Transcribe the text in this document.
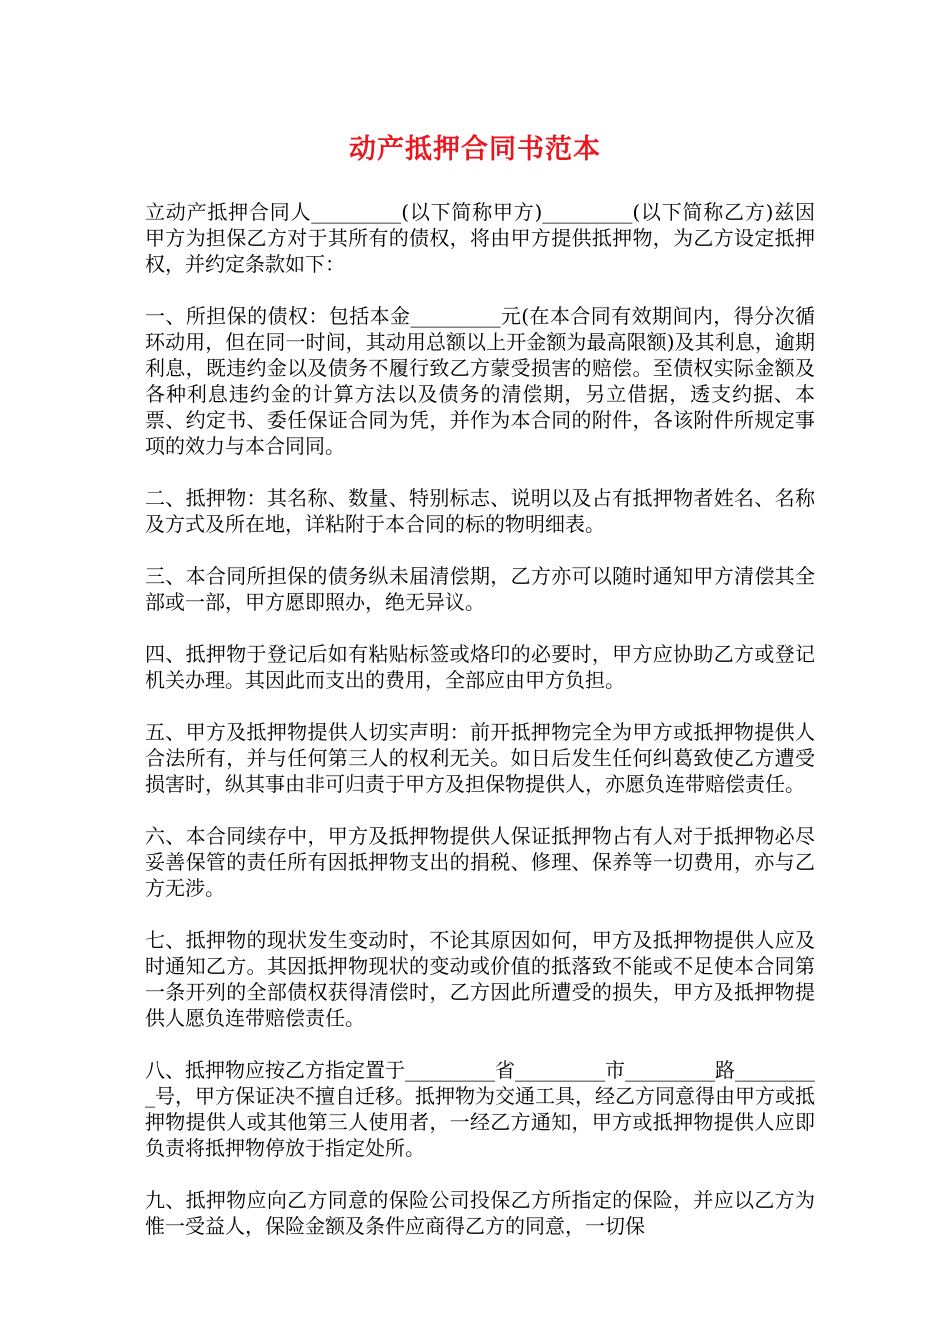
动产抵押合同书范本

立动产抵押合同人_________(以下简称甲方)_________(以下简称乙方)兹因甲方为担保乙方对于其所有的债权，将由甲方提供抵押物，为乙方设定抵押权，并约定条款如下：

一、所担保的债权：包括本金_________元(在本合同有效期间内，得分次循环动用，但在同一时间，其动用总额以上开金额为最高限额)及其利息，逾期利息，既违约金以及债务不履行致乙方蒙受损害的赔偿。至债权实际金额及各种利息违约金的计算方法以及债务的清偿期，另立借据，透支约据、本票、约定书、委任保证合同为凭，并作为本合同的附件，各该附件所规定事项的效力与本合同同。

二、抵押物：其名称、数量、特别标志、说明以及占有抵押物者姓名、名称及方式及所在地，详粘附于本合同的标的物明细表。

三、本合同所担保的债务纵未届清偿期，乙方亦可以随时通知甲方清偿其全部或一部，甲方愿即照办，绝无异议。

四、抵押物于登记后如有粘贴标签或烙印的必要时，甲方应协助乙方或登记机关办理。其因此而支出的费用，全部应由甲方负担。

五、甲方及抵押物提供人切实声明：前开抵押物完全为甲方或抵押物提供人合法所有，并与任何第三人的权利无关。如日后发生任何纠葛致使乙方遭受损害时，纵其事由非可归责于甲方及担保物提供人，亦愿负连带赔偿责任。

六、本合同续存中，甲方及抵押物提供人保证抵押物占有人对于抵押物必尽妥善保管的责任所有因抵押物支出的捐税、修理、保养等一切费用，亦与乙方无涉。

七、抵押物的现状发生变动时，不论其原因如何，甲方及抵押物提供人应及时通知乙方。其因抵押物现状的变动或价值的抵落致不能或不足使本合同第一条开列的全部债权获得清偿时，乙方因此所遭受的损失，甲方及抵押物提供人愿负连带赔偿责任。

八、抵押物应按乙方指定置于_________省_________市_________路_________号，甲方保证决不擅自迁移。抵押物为交通工具，经乙方同意得由甲方或抵押物提供人或其他第三人使用者，一经乙方通知，甲方或抵押物提供人应即负责将抵押物停放于指定处所。

九、抵押物应向乙方同意的保险公司投保乙方所指定的保险，并应以乙方为惟一受益人，保险金额及条件应商得乙方的同意，一切保
